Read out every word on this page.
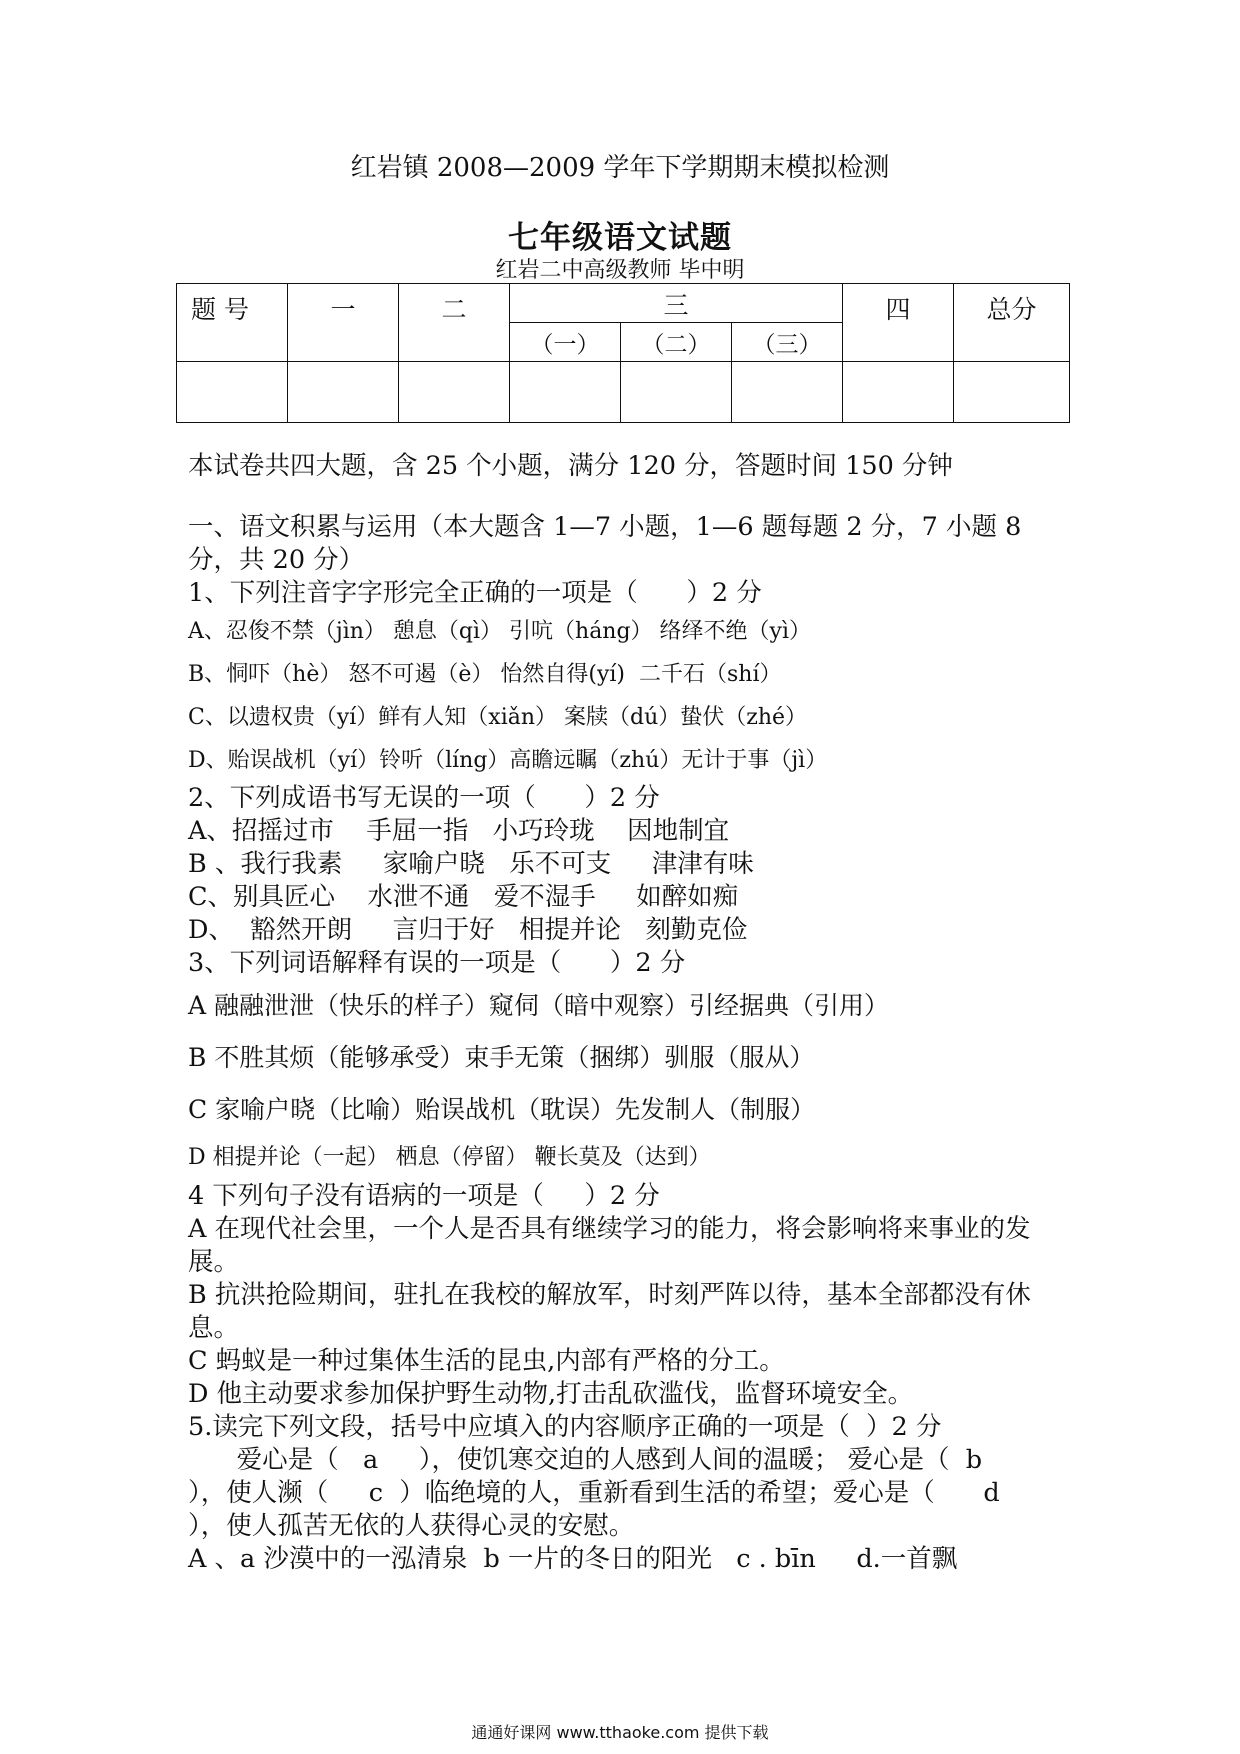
红岩镇 2008—2009 学年下学期期末模拟检测
七年级语文试题
红岩二中高级教师 毕中明
题 号	一	二	三			四	总分
			（一）	（二）	（三）		

本试卷共四大题，含 25 个小题，满分 120 分，答题时间 150 分钟

一、语文积累与运用（本大题含 1—7 小题，1—6 题每题 2 分，7 小题 8 分，共 20 分）

1、下列注音字字形完全正确的一项是（      ）2 分

A、忍俊不禁（jìn） 憩息（qì） 引吭（háng） 络绎不绝（yì）

B、恫吓（hè） 怒不可遏（è） 怡然自得(yí)  二千石（shí）

C、以遗权贵（yí）鲜有人知（xiǎn） 案牍（dú）蛰伏（zhé）

D、贻误战机（yí）铃听（líng）高瞻远瞩（zhú）无计于事（jì）

2、下列成语书写无误的一项（      ）2 分

A、招摇过市    手屈一指   小巧玲珑    因地制宜

B 、我行我素     家喻户晓   乐不可支     津津有味

C、别具匠心    水泄不通   爱不湿手     如醉如痴

D、  豁然开朗     言归于好   相提并论   刻勤克俭

3、下列词语解释有误的一项是（      ）2 分

A 融融泄泄（快乐的样子）窥伺（暗中观察）引经据典（引用）

B 不胜其烦（能够承受）束手无策（捆绑）驯服（服从）

C 家喻户晓（比喻）贻误战机（耽误）先发制人（制服）

D 相提并论（一起） 栖息（停留） 鞭长莫及（达到）

4 下列句子没有语病的一项是（     ）2 分

A 在现代社会里，一个人是否具有继续学习的能力，将会影响将来事业的发展。

B 抗洪抢险期间，驻扎在我校的解放军，时刻严阵以待，基本全部都没有休息。

C 蚂蚁是一种过集体生活的昆虫,内部有严格的分工。

D 他主动要求参加保护野生动物,打击乱砍滥伐，监督环境安全。

5.读完下列文段，括号中应填入的内容顺序正确的一项是（  ）2 分

爱心是（   a     ），使饥寒交迫的人感到人间的温暖； 爱心是（  b       ），使人濒（     c  ）临绝境的人，重新看到生活的希望；爱心是（      d      ），使人孤苦无依的人获得心灵的安慰。

A 、a 沙漠中的一泓清泉  b 一片的冬日的阳光   c . bīn     d.一首飘

通通好课网 www.tthaoke.com 提供下载
